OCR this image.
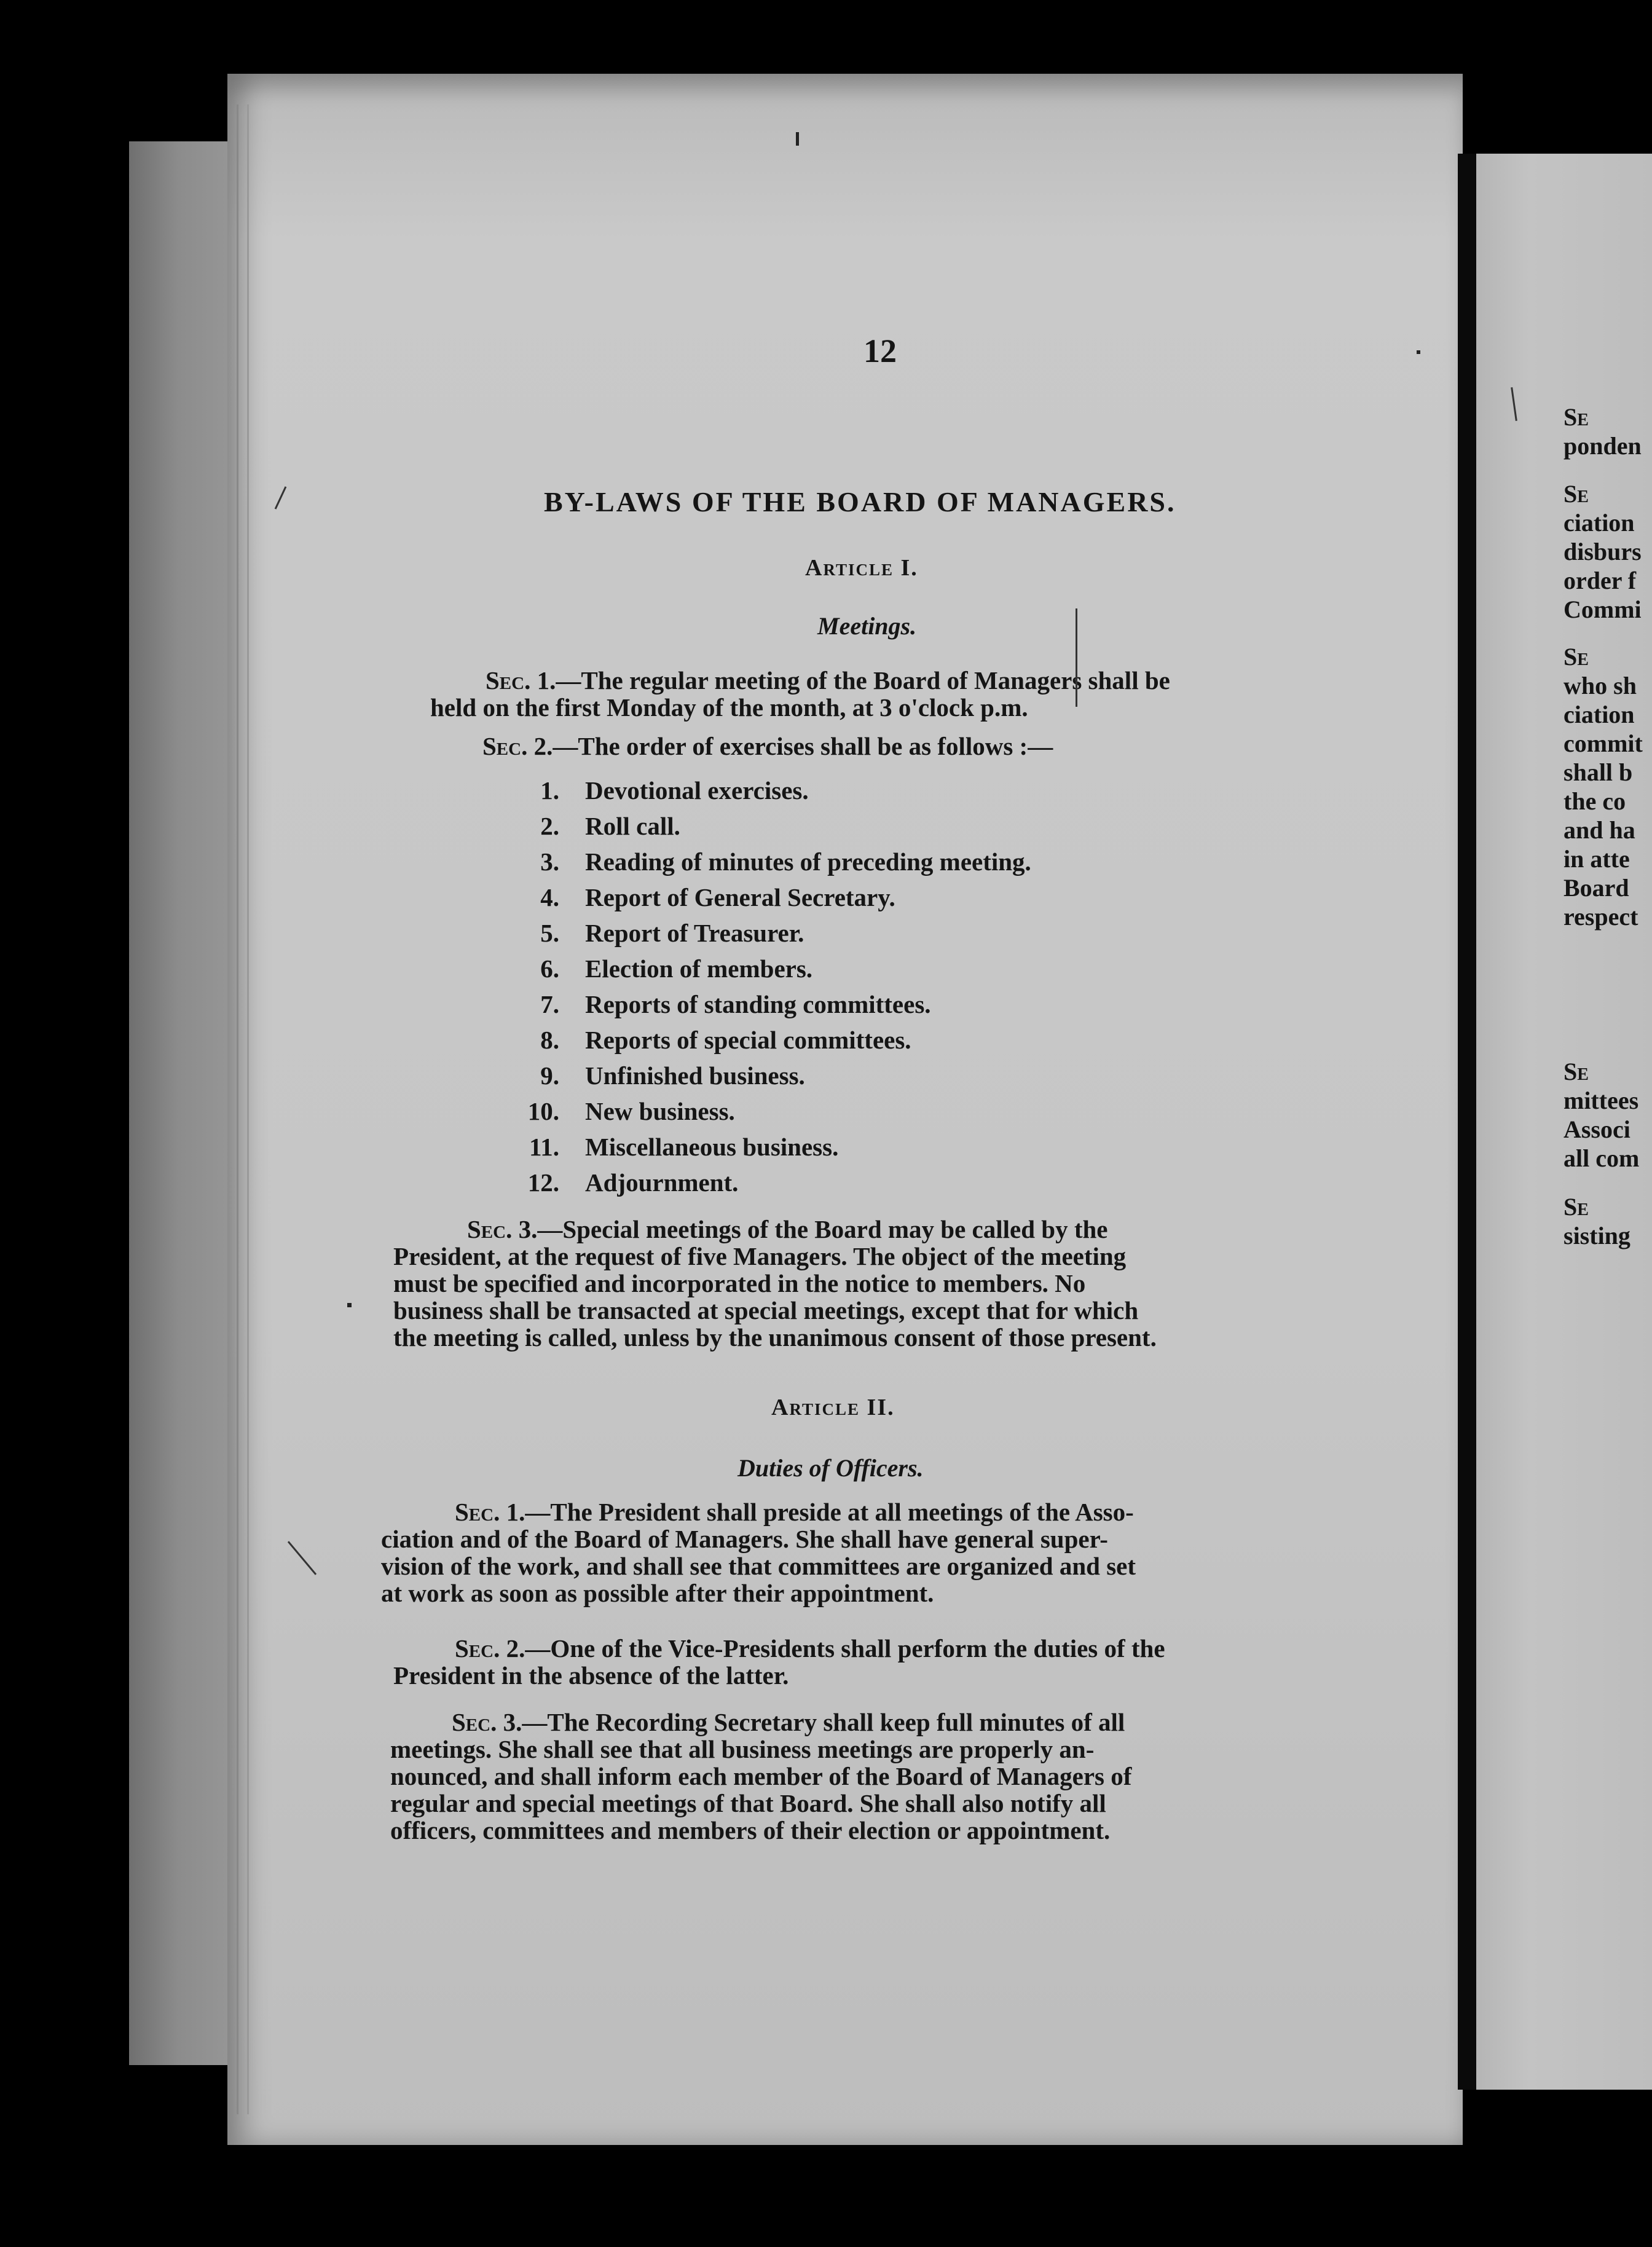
Se
ponden
Se
ciation
disburs
order f
Commi
Se
who sh
ciation
commit
shall b
the co
and ha
in atte
Board
respect
Se
mittees
Associ
all com
Se
sisting
12
BY-LAWS OF THE BOARD OF MANAGERS.
Article I.
Meetings.
Sec. 1.—The regular meeting of the Board of Managers shall be
held on the first Monday of the month, at 3 o'clock p.m.
Sec. 2.—The order of exercises shall be as follows :—
1. Devotional exercises.
2. Roll call.
3. Reading of minutes of preceding meeting.
4. Report of General Secretary.
5. Report of Treasurer.
6. Election of members.
7. Reports of standing committees.
8. Reports of special committees.
9. Unfinished business.
10. New business.
11. Miscellaneous business.
12. Adjournment.
Sec. 3.—Special meetings of the Board may be called by the
President, at the request of five Managers. The object of the meeting
must be specified and incorporated in the notice to members. No
business shall be transacted at special meetings, except that for which
the meeting is called, unless by the unanimous consent of those present.
Article II.
Duties of Officers.
Sec. 1.—The President shall preside at all meetings of the Asso-
ciation and of the Board of Managers. She shall have general super-
vision of the work, and shall see that committees are organized and set
at work as soon as possible after their appointment.
Sec. 2.—One of the Vice-Presidents shall perform the duties of the
President in the absence of the latter.
Sec. 3.—The Recording Secretary shall keep full minutes of all
meetings. She shall see that all business meetings are properly an-
nounced, and shall inform each member of the Board of Managers of
regular and special meetings of that Board. She shall also notify all
officers, committees and members of their election or appointment.
